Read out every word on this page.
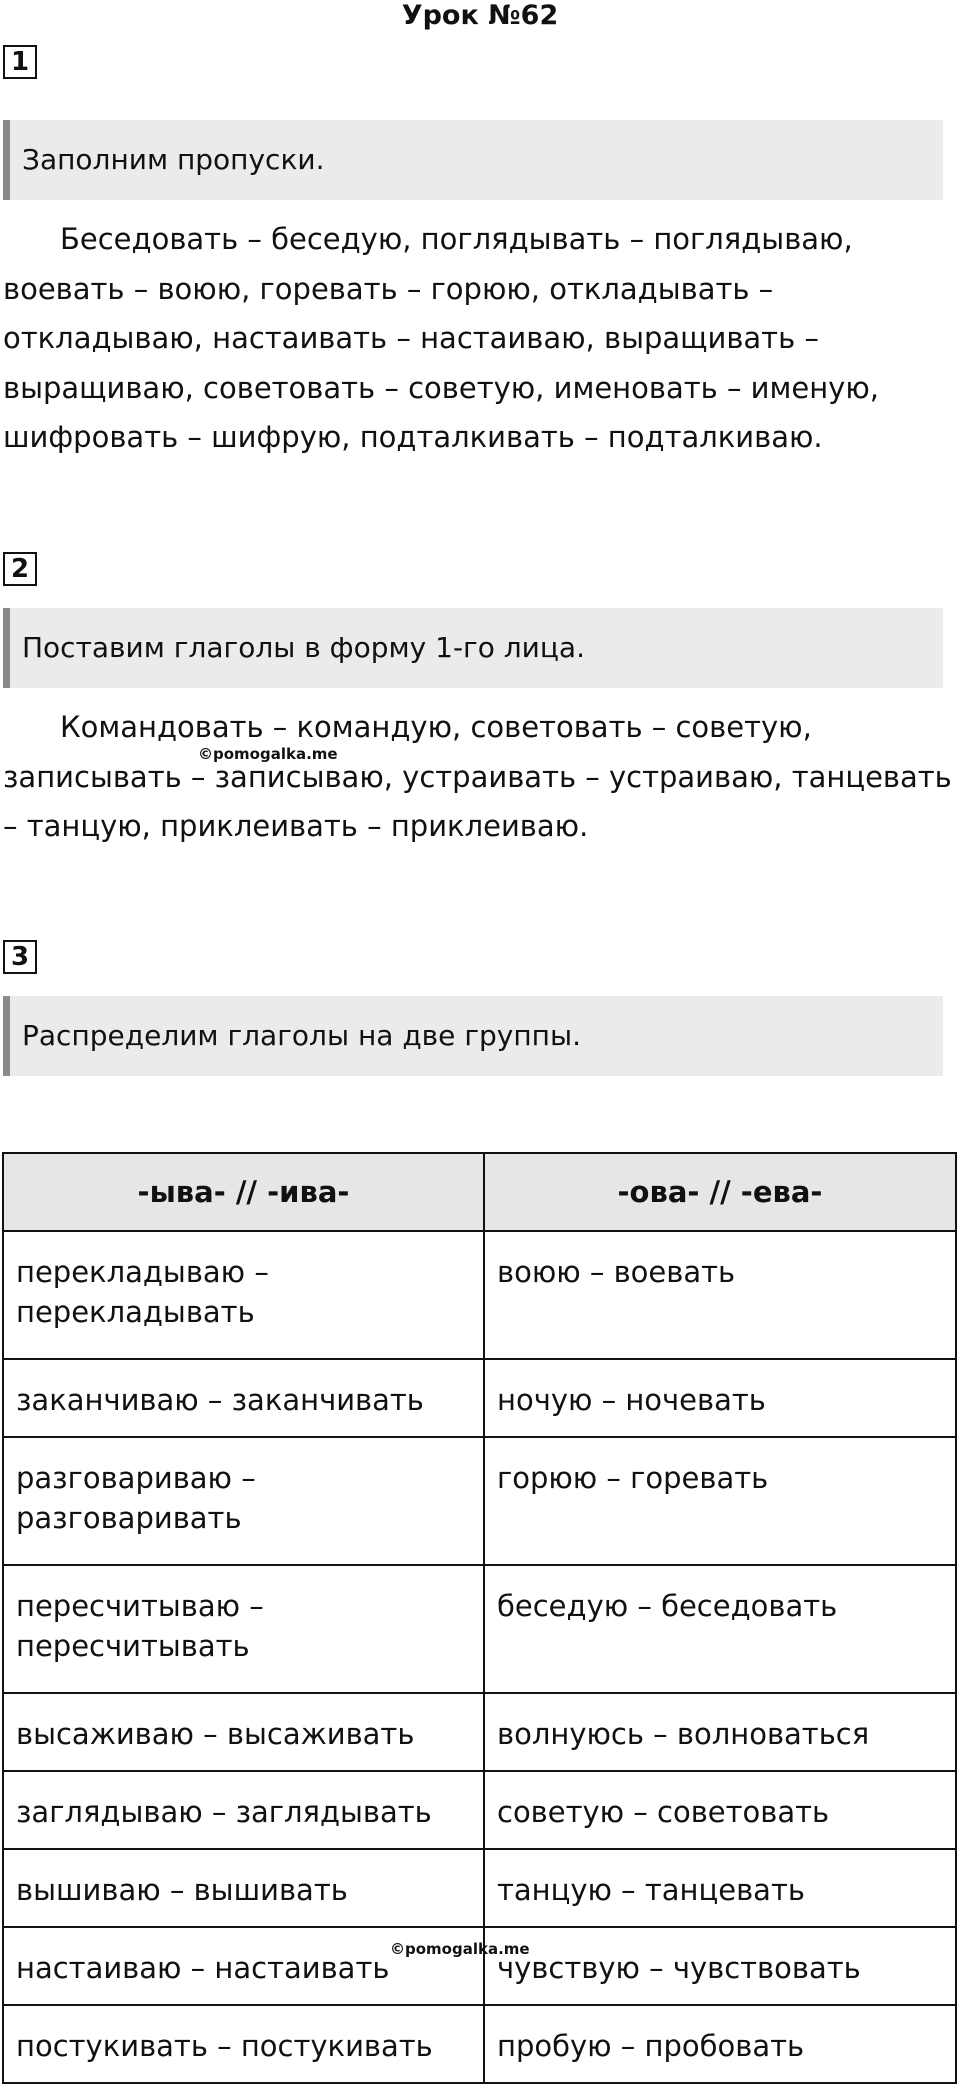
Урок №62
1
Заполним пропуски.
Беседовать – беседую, поглядывать – поглядываю,
воевать – воюю, горевать – горюю, откладывать –
откладываю, настаивать – настаиваю, выращивать –
выращиваю, советовать – советую, именовать – именую,
шифровать – шифрую, подталкивать – подталкиваю.
2
Поставим глаголы в форму 1-го лица.
Командовать – командую, советовать – советую,
записывать – записываю, устраивать – устраиваю, танцевать
– танцую, приклеивать – приклеиваю.
©pomogalka.me
3
Распределим глаголы на две группы.
-ыва- // -ива-	-ова- // -ева-
перекладываю –
перекладывать	воюю – воевать
заканчиваю – заканчивать	ночую – ночевать
разговариваю –
разговаривать	горюю – горевать
пересчитываю –
пересчитывать	беседую – беседовать
высаживаю – высаживать	волнуюсь – волноваться
заглядываю – заглядывать	советую – советовать
вышиваю – вышивать	танцую – танцевать
настаиваю – настаивать	чувствую – чувствовать
постукивать – постукивать	пробую – пробовать
©pomogalka.me
